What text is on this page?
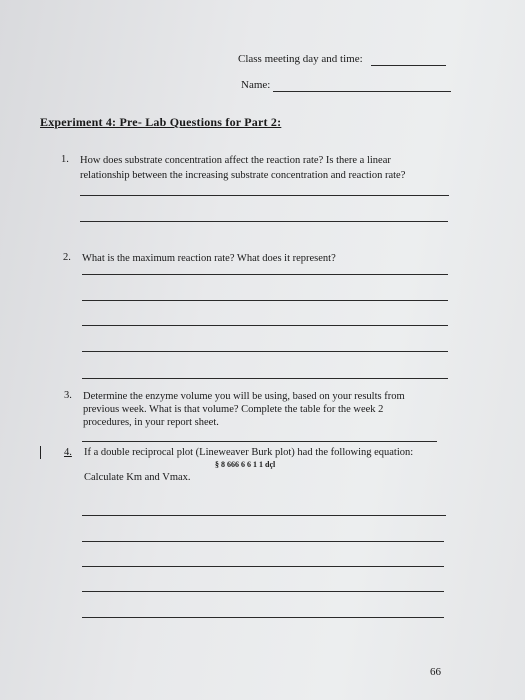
Class meeting day and time:
Name:
Experiment 4: Pre- Lab Questions for Part 2:
1. How does substrate concentration affect the reaction rate? Is there a linear
relationship between the increasing substrate concentration and reaction rate?
2. What is the maximum reaction rate? What does it represent?
3. Determine the enzyme volume you will be using, based on your results from
previous week. What is that volume? Complete the table for the week 2
procedures, in your report sheet.
4. If a double reciprocal plot (Lineweaver Burk plot) had the following equation:
§ 8 666 6 6 1 1 dçl
Calculate Km and Vmax.
66
